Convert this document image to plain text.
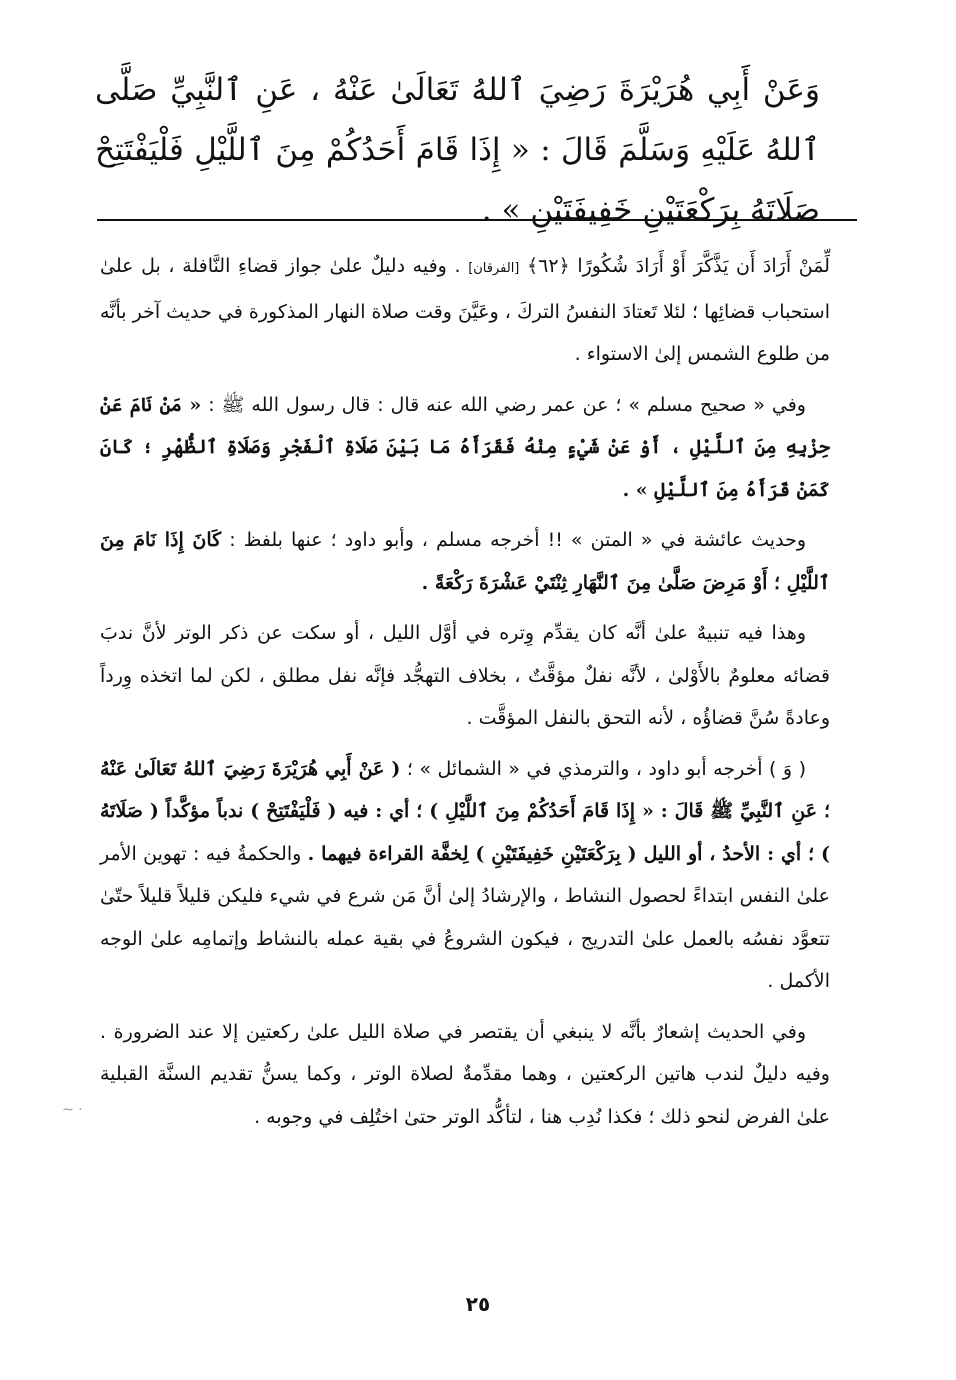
وَعَنْ أَبِي هُرَيْرَةَ رَضِيَ ٱللهُ تَعَالَىٰ عَنْهُ ، عَنِ ٱلنَّبِيِّ صَلَّى ٱللهُ عَلَيْهِ وَسَلَّمَ قَالَ : « إِذَا قَامَ أَحَدُكُمْ مِنَ ٱللَّيْلِ فَلْيَفْتَتِحْ صَلَاتَهُ بِرَكْعَتَيْنِ خَفِيفَتَيْنِ » .

لِّمَنْ أَرَادَ أَن يَذَّكَّرَ أَوْ أَرَادَ شُكُورًا ﴿٦٢﴾ [الفرقان] . وفيه دليلٌ علىٰ جواز قضاءِ النَّافلة ، بل علىٰ استحباب قضائِها ؛ لئلا تَعتادَ النفسُ التركَ ، وعَيَّنَ وقت صلاة النهار المذكورة في حديث آخر بأنَّه من طلوع الشمس إلىٰ الاستواء .

وفي « صحيح مسلم » ؛ عن عمر رضي الله عنه قال : قال رسول الله ﷺ : « مَنْ نَامَ عَنْ حِزْبِهِ مِنَ ٱللَّيْلِ ، أَوْ عَنْ شَيْءٍ مِنْهُ فَقَرَأَهُ مَا بَيْنَ صَلَاةِ ٱلْفَجْرِ وَصَلَاةِ ٱلظُّهْرِ ؛ كَانَ كَمَنْ قَرَأَهُ مِنَ ٱللَّيْلِ » .

وحديث عائشة في « المتن » !! أخرجه مسلم ، وأبو داود ؛ عنها بلفظ : كَانَ إِذَا نَامَ مِنَ ٱللَّيْلِ ؛ أَوْ مَرِضَ صَلَّىٰ مِنَ ٱلنَّهَارِ ثِنْتَيْ عَشْرَةَ رَكْعَةً .

وهذا فيه تنبيهٌ علىٰ أنَّه كان يقدِّم وِتره في أوَّل الليل ، أو سكت عن ذكر الوتر لأنَّ ندبَ قضائه معلومٌ بالأَوْلىٰ ، لأنَّه نفلٌ مؤقَّتٌ ، بخلاف التهجُّد فإنَّه نفل مطلق ، لكن لما اتخذه وِرداً وعادةً سُنَّ قضاؤُه ، لأنه التحق بالنفل المؤقَّت .

( وَ ) أخرجه أبو داود ، والترمذي في « الشمائل » ؛ ( عَنْ أَبِي هُرَيْرَةَ رَضِيَ ٱللهُ تَعَالَىٰ عَنْهُ ؛ عَنِ ٱلنَّبِيِّ ﷺ قَالَ : « إِذَا قَامَ أَحَدُكُمْ مِنَ ٱللَّيْلِ ) ؛ أي : فيه ( فَلْيَفْتَتِحْ ) ندباً مؤكَّداً ( صَلَاتَهُ ) ؛ أي : الأحدُ ، أو الليل ( بِرَكْعَتَيْنِ خَفِيفَتَيْنِ ) لِخفَّة القراءة فيهما . والحكمةُ فيه : تهوين الأمر علىٰ النفس ابتداءً لحصول النشاط ، والإرشادُ إلىٰ أنَّ مَن شرع في شيء فليكن قليلاً قليلاً حتّىٰ تتعوَّد نفسُه بالعمل علىٰ التدريج ، فيكون الشروعُ في بقية عمله بالنشاط وإتمامِه علىٰ الوجه الأكمل .

وفي الحديث إشعارٌ بأنَّه لا ينبغي أن يقتصر في صلاة الليل علىٰ ركعتين إلا عند الضرورة . وفيه دليلٌ لندب هاتين الركعتين ، وهما مقدِّمةٌ لصلاة الوتر ، وكما يسنُّ تقديم السنَّة القبلية علىٰ الفرض لنحو ذلك ؛ فكذا نُدِب هنا ، لتأكُّد الوتر حتىٰ اختُلِف في وجوبه .

~ ·
٢٥
